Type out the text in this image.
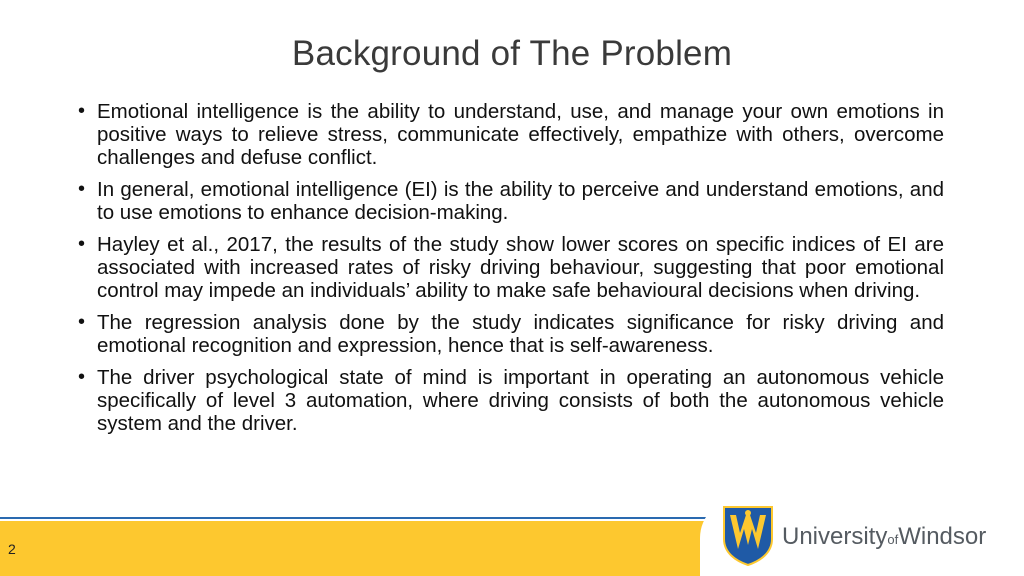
Background of The Problem
• Emotional intelligence is the ability to understand, use, and manage your own emotions in positive ways to relieve stress, communicate effectively, empathize with others, overcome challenges and defuse conflict.
• In general, emotional intelligence (EI) is the ability to perceive and understand emotions, and to use emotions to enhance decision-making.
• Hayley et al., 2017, the results of the study show lower scores on specific indices of EI are associated with increased rates of risky driving behaviour, suggesting that poor emotional control may impede an individuals’ ability to make safe behavioural decisions when driving.
• The regression analysis done by the study indicates significance for risky driving and emotional recognition and expression, hence that is self-awareness.
• The driver psychological state of mind is important in operating an autonomous vehicle specifically of level 3 automation, where driving consists of both the autonomous vehicle system and the driver.
2	UniversityofWindsor
